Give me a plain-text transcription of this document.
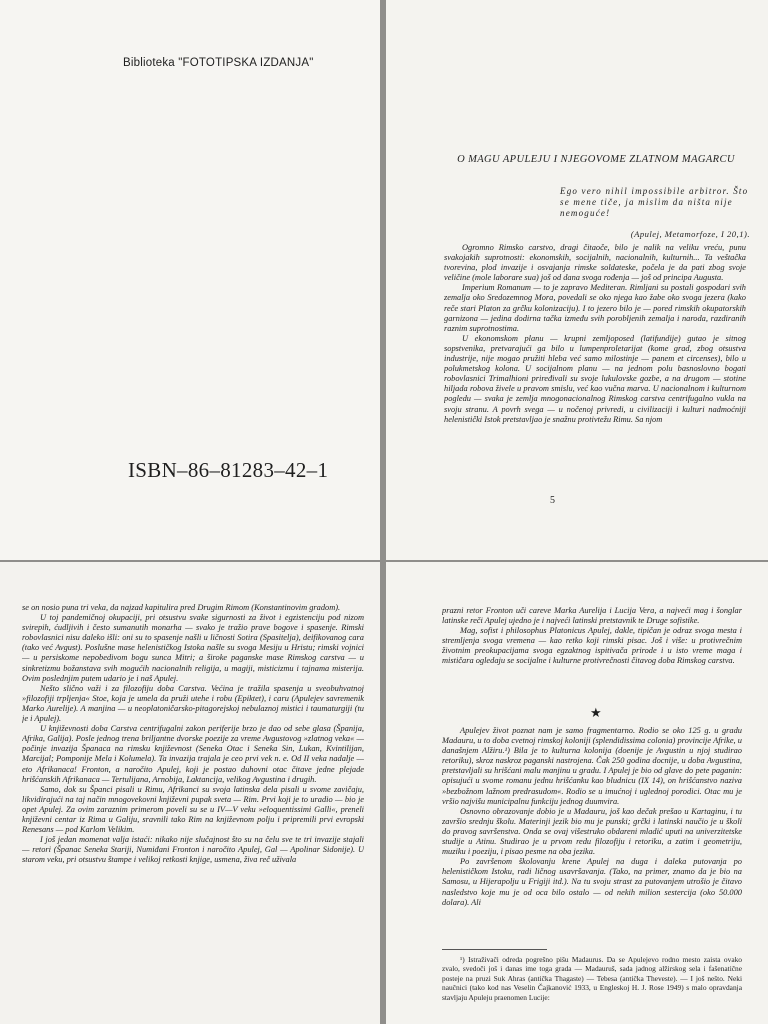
Biblioteka "FOTOTIPSKA IZDANJA"
ISBN–86–81283–42–1
O MAGU APULEJU I NJEGOVOME ZLATNOM MAGARCU
Ego vero nihil impossibile arbitror. Što se mene tiče, ja mislim da ništa nije nemoguće!
(Apulej, Metamorfoze, I 20,1).

Ogromno Rimsko carstvo, dragi čitaoče, bilo je nalik na veliku vreću, punu svakojakih suprotnosti: ekonomskih, socijalnih, nacionalnih, kulturnih... Ta veštačka tvorevina, plod invazije i osvajanja rimske soldateske, počela je da pati zbog svoje veličine (mole laborare sua) još od dana svoga rođenja — još od principa Augusta.

Imperium Romanum — to je zapravo Mediteran. Rimljani su postali gospodari svih zemalja oko Sredozemnog Mora, povedali se oko njega kao žabe oko svoga jezera (kako reče stari Platon za grčku kolonizaciju). I to jezero bilo je — pored rimskih okupatorskih garnizona — jedina dodirna tačka između svih porobljenih zemalja i naroda, razdiranih raznim suprotnostima.

U ekonomskom planu — krupni zemljoposed (latifundije) gutao je sitnog sopstvenika, pretvarajući ga bilo u lumpenproletarijat (kome grad, zbog otsustva industrije, nije mogao pružiti hleba već samo milostinje — panem et circenses), bilo u polukmetskog kolona. U socijalnom planu — na jednom polu basnoslovno bogati robovlasnici Trimalhioni priređivali su svoje lukulovske gozbe, a na drugom — stotine hiljada robova živele u pravom smislu, već kao vučna marva. U nacionalnom i kulturnom pogledu — svaka je zemlja mnogonacionalnog Rimskog carstva centrifugalno vukla na svoju stranu. A povrh svega — u nočenoj privredi, u civilizaciji i kulturi nadmoćniji helenistički Istok pretstavljao je snažnu protivtežu Rimu. Sa njom

5

se on nosio puna tri veka, da najzad kapitulira pred Drugim Rimom (Konstantinovim gradom).

U toj pandemičnoj okupaciji, pri otsustvu svake sigurnosti za život i egzistenciju pod nizom svirepih, ćudljivih i često sumanutih monarha — svako je tražio prave bogove i spasenje. Rimski robovlasnici nisu daleko išli: oni su to spasenje našli u ličnosti Sotira (Spasitelja), deifikovanog cara (tako već Avgust). Poslušne mase helenističkog Istoka našle su svoga Mesiju u Hristu; rimski vojnici — u persiskome nepobedivom bogu sunca Mitri; a široke paganske mase Rimskog carstva — u sinkretizmu božanstava svih mogućih nacionalnih religija, u magiji, misticizmu i tajnama misterija. Ovim poslednjim putem udario je i naš Apulej.

Nešto slično važi i za filozofiju doba Carstva. Većina je tražila spasenja u sveobuhvatnoj »filozofiji trpljenja« Stoe, koja je umela da pruži utehe i robu (Epiktet), i caru (Apulejev savremenik Marko Aurelije). A manjina — u neoplatoničarsko-pitagorejskoj nebulaznoj mistici i taumaturgiji (tu je i Apulej).

U književnosti doba Carstva centrifugalni zakon periferije brzo je dao od sebe glasa (Španija, Afrika, Galija). Posle jednog trena briljantne dvorske poezije za vreme Avgustovog »zlatnog veka« — počinje invazija Španaca na rimsku književnost (Seneka Otac i Seneka Sin, Lukan, Kvintilijan, Marcijal; Pomponije Mela i Kolumela). Ta invazija trajala je ceo prvi vek n. e. Od II veka nadalje — eto Afrikanaca! Fronton, a naročito Apulej, koji je postao duhovni otac čitave jedne plejade hrišćanskih Afrikanaca — Tertulijana, Arnobija, Laktancija, velikog Avgustina i drugih.

Samo, dok su Španci pisali u Rimu, Afrikanci su svoja latinska dela pisali u svome zavičaju, likvidirajući na taj način mnogovekovni književni pupak sveta — Rim. Prvi koji je to uradio — bio je opet Apulej. Za ovim zaraznim primerom poveli su se u IV—V veku »eloquentissimi Galli«, preneli književni centar iz Rima u Galiju, sravnili tako Rim na književnom polju i pripremili prvi evropski Renesans — pod Karlom Velikim.

I još jedan momenat valja istaći: nikako nije slučajnost što su na čelu sve te tri invazije stajali — retori (Španac Seneka Stariji, Numiđani Fronton i naročito Apulej, Gal — Apolinar Sidonije). U starom veku, pri otsustvu štampe i velikoj retkosti knjige, usmena, živa reč uživala

prazni retor Fronton uči careve Marka Aurelija i Lucija Vera, a najveći mag i šonglar latinske reči Apulej ujedno je i najveći latinski pretstavnik te Druge sofistike.

Mag, sofist i philosophus Platonicus Apulej, dakle, tipičan je odraz svoga mesta i stremljenja svoga vremena — kao retko koji rimski pisac. Još i više: u protivrečnim životnim preokupacijama svoga egzaktnog ispitivača prirode i u isto vreme maga i mističara ogledaju se socijalne i kulturne protivrečnosti čitavog doba Rimskog carstva.

★

Apulejev život poznat nam je samo fragmentarno. Rodio se oko 125 g. u gradu Madauru, u to doba cvetnoj rimskoj koloniji (splendidissima colonia) provincije Afrike, u današnjem Alžiru.¹) Bila je to kulturna kolonija (doenije je Avgustin u njoj studirao retoriku), skroz naskroz paganski nastrojena. Čak 250 godina docnije, u doba Avgustina, pretstavljali su hrišćani malu manjinu u gradu. I Apulej je bio od glave do pete paganin: opisujući u svome romanu jednu hrišćanku kao bludnicu (IX 14), on hrišćanstvo naziva »bezbožnom lažnom predrasudom«. Rodio se u imućnoj i uglednoj porodici. Otac mu je vršio najvišu municipalnu funkciju jednog duumvira.

Osnovno obrazovanje dobio je u Madauru, još kao dečak prešao u Kartaginu, i tu završio srednju školu. Materinji jezik bio mu je punski; grčki i latinski naučio je u školi do pravog savršenstva. Onda se ovaj višestruko obdareni mladić uputi na univerzitetske studije u Atinu. Studirao je u prvom redu filozofiju i retoriku, a zatim i geometriju, muziku i poeziju, i pisao pesme na oba jezika.

Po završenom školovanju krene Apulej na duga i daleka putovanja po helenističkom Istoku, radi ličnog usavršavanja. (Tako, na primer, znamo da je bio na Samosu, u Hijerapolju u Frigiji itd.). Na tu svoju strast za putovanjem utrošio je čitavo nasledstvo koje mu je od oca bilo ostalo — od nekih milion sestercija (oko 50.000 dolara). Ali

¹) Istraživači odreda pogrešno pišu Madaurus. Da se Apulejevo rodno mesto zaista ovako zvalo, svedoči još i danas ime toga grada — Madauruš, sada jadnog alžirskog sela i fašenatične posteje na pruzi Suk Ahras (antička Thagaste) — Tebesa (antička Theveste). — I još nešto. Neki naučnici (tako kod nas Veselin Čajkanović 1933, u Engleskoj H. J. Rose 1949) s malo opravdanja stavljaju Apuleju praenomen Lucije:
